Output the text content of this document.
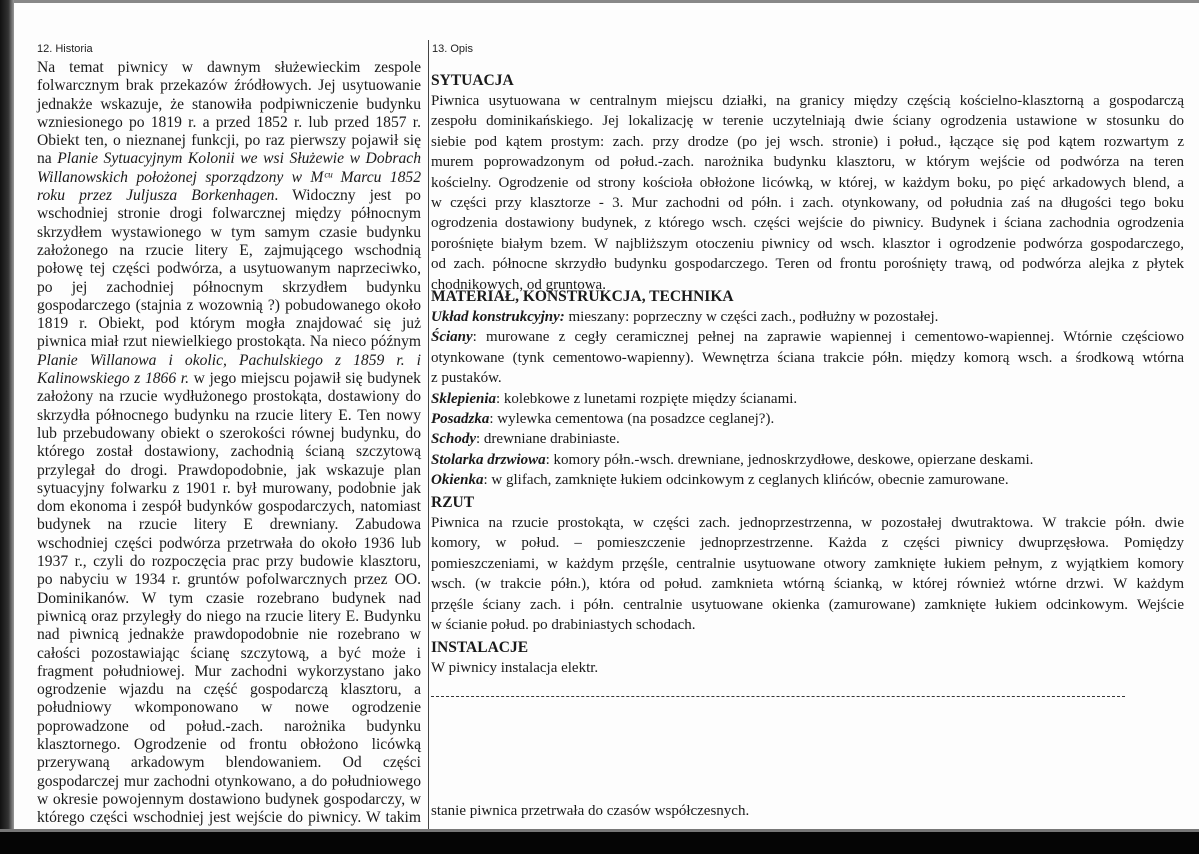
12. Historia
Na temat piwnicy w dawnym służewieckim zespole
folwarcznym brak przekazów źródłowych. Jej usytuowanie
jednakże wskazuje, że stanowiła podpiwniczenie budynku
wzniesionego po 1819 r. a przed 1852 r. lub przed 1857 r.
Obiekt ten, o nieznanej funkcji, po raz pierwszy pojawił się
na Planie Sytuacyjnym Kolonii we wsi Służewie w Dobrach
Willanowskich położonej sporządzony w Mᶜᵘ Marcu 1852
roku przez Juljusza Borkenhagen. Widoczny jest po
wschodniej stronie drogi folwarcznej między północnym
skrzydłem wystawionego w tym samym czasie budynku
założonego na rzucie litery E, zajmującego wschodnią
połowę tej części podwórza, a usytuowanym naprzeciwko,
po jej zachodniej północnym skrzydłem budynku
gospodarczego (stajnia z wozownią ?) pobudowanego około
1819 r. Obiekt, pod którym mogła znajdować się już
piwnica miał rzut niewielkiego prostokąta. Na nieco późnym
Planie Willanowa i okolic, Pachulskiego z 1859 r. i
Kalinowskiego z 1866 r. w jego miejscu pojawił się budynek
założony na rzucie wydłużonego prostokąta, dostawiony do
skrzydła północnego budynku na rzucie litery E. Ten nowy
lub przebudowany obiekt o szerokości równej budynku, do
którego został dostawiony, zachodnią ścianą szczytową
przylegał do drogi. Prawdopodobnie, jak wskazuje plan
sytuacyjny folwarku z 1901 r. był murowany, podobnie jak
dom ekonoma i zespół budynków gospodarczych, natomiast
budynek na rzucie litery E drewniany. Zabudowa
wschodniej części podwórza przetrwała do około 1936 lub
1937 r., czyli do rozpoczęcia prac przy budowie klasztoru,
po nabyciu w 1934 r. gruntów pofolwarcznych przez OO.
Dominikanów. W tym czasie rozebrano budynek nad
piwnicą oraz przyległy do niego na rzucie litery E. Budynku
nad piwnicą jednakże prawdopodobnie nie rozebrano w
całości pozostawiając ścianę szczytową, a być może i
fragment południowej. Mur zachodni wykorzystano jako
ogrodzenie wjazdu na część gospodarczą klasztoru, a
południowy wkomponowano w nowe ogrodzenie
poprowadzone od połud.-zach. narożnika budynku
klasztornego. Ogrodzenie od frontu obłożono licówką
przerywaną arkadowym blendowaniem. Od części
gospodarczej mur zachodni otynkowano, a do południowego
w okresie powojennym dostawiono budynek gospodarczy, w
którego części wschodniej jest wejście do piwnicy. W takim
13. Opis
SYTUACJA
Piwnica usytuowana w centralnym miejscu działki, na granicy między częścią kościelno-klasztorną a gospodarczą
zespołu dominikańskiego. Jej lokalizację w terenie uczytelniają dwie ściany ogrodzenia ustawione w stosunku do
siebie pod kątem prostym: zach. przy drodze (po jej wsch. stronie) i połud., łączące się pod kątem rozwartym z
murem poprowadzonym od połud.-zach. narożnika budynku klasztoru, w którym wejście od podwórza na teren
kościelny. Ogrodzenie od strony kościoła obłożone licówką, w której, w każdym boku, po pięć arkadowych blend, a
w części przy klasztorze - 3. Mur zachodni od półn. i zach. otynkowany, od południa zaś na długości tego boku
ogrodzenia dostawiony budynek, z którego wsch. części wejście do piwnicy. Budynek i ściana zachodnia ogrodzenia
porośnięte białym bzem. W najbliższym otoczeniu piwnicy od wsch. klasztor i ogrodzenie podwórza gospodarczego,
od zach. północne skrzydło budynku gospodarczego. Teren od frontu porośnięty trawą, od podwórza alejka z płytek
chodnikowych, od gruntowa.
MATERIAŁ, KONSTRUKCJA, TECHNIKA
Układ konstrukcyjny: mieszany: poprzeczny w części zach., podłużny w pozostałej.
Ściany: murowane z cegły ceramicznej pełnej na zaprawie wapiennej i cementowo-wapiennej. Wtórnie częściowo
otynkowane (tynk cementowo-wapienny). Wewnętrza ściana trakcie półn. między komorą wsch. a środkową wtórna
z pustaków.
Sklepienia: kolebkowe z lunetami rozpięte między ścianami.
Posadzka: wylewka cementowa (na posadzce ceglanej?).
Schody: drewniane drabiniaste.
Stolarka drzwiowa: komory półn.-wsch. drewniane, jednoskrzydłowe, deskowe, opierzane deskami.
Okienka: w glifach, zamknięte łukiem odcinkowym z ceglanych klińców, obecnie zamurowane.
RZUT
Piwnica na rzucie prostokąta, w części zach. jednoprzestrzenna, w pozostałej dwutraktowa. W trakcie półn. dwie
komory, w połud. – pomieszczenie jednoprzestrzenne. Każda z części piwnicy dwuprzęsłowa. Pomiędzy
pomieszczeniami, w każdym przęśle, centralnie usytuowane otwory zamknięte łukiem pełnym, z wyjątkiem komory
wsch. (w trakcie półn.), która od połud. zamknieta wtórną ścianką, w której również wtórne drzwi. W każdym
przęśle ściany zach. i półn. centralnie usytuowane okienka (zamurowane) zamknięte łukiem odcinkowym. Wejście
w ścianie połud. po drabiniastych schodach.
INSTALACJE
W piwnicy instalacja elektr.
stanie piwnica przetrwała do czasów współczesnych.
